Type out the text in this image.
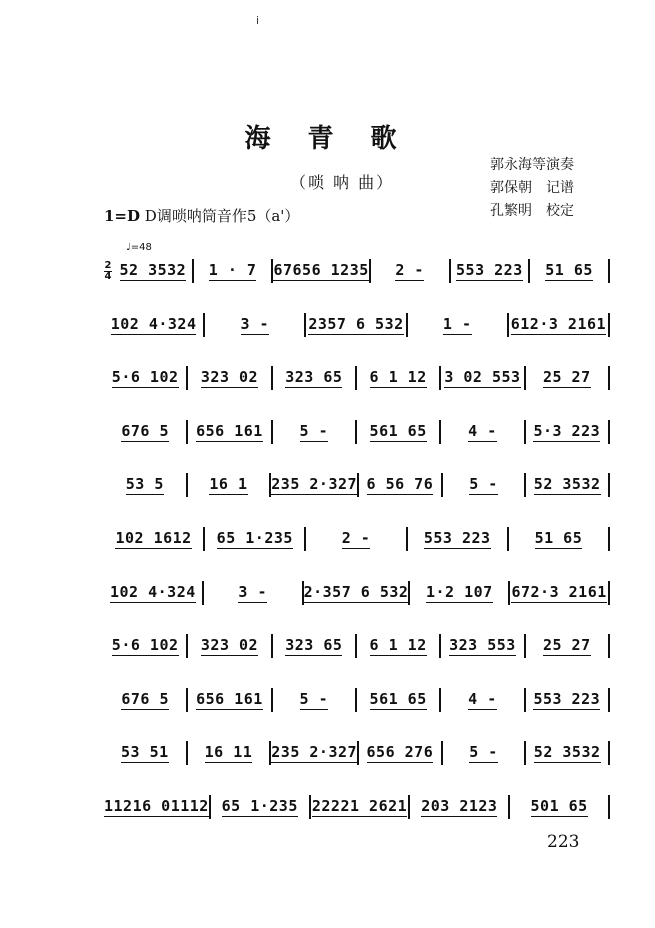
i
海 青 歌
（唢 呐 曲）
郭永海等演奏
郭保朝　记谱
孔繁明　校定
1=D D调唢呐筒音作5（a'）
♩=48
2
4 52 3532 1 · 7 67656 1235 2 - 553 223 51 65
102 4·324	3 -	2357 6 532	1 -	612·3 2161
5·6 102 323 02 323 65 6 1 12 3 02 553 25 27
676 5 656 161 5 -	561 65	4 - 5·3 223
53 5	16 1 235 2·327 6 56 76 5 - 52 3532
102 1612 65 1·235	2 -	553 223	51 65
102 4·324	3 - 2·357 6 532 1·2 107 672·3 2161
5·6 102 323 02 323 65 6 1 12 323 553 25 27
676 5 656 161 5 -	561 65	4 - 553 223
53 51 16 11 235 2·327 656 276 5 - 52 3532
11216 01112 65 1·235 22221 2621 203 2123 501 65
223
